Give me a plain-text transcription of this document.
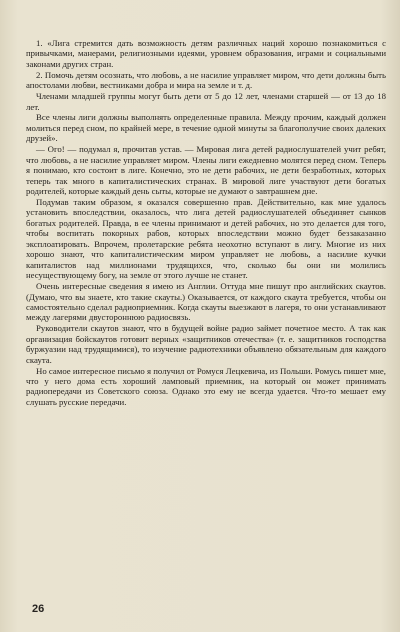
1. «Лига стремится дать возможность детям различных наций хорошо познакомиться с привычками, манерами, религиозными идеями, уровнем образования, играми и социальными законами других стран.

2. Помочь детям осознать, что любовь, а не насилие управляет миром, что дети должны быть апостолами любви, вестниками добра и мира на земле и т. д.

Членами младшей группы могут быть дети от 5 до 12 лет, членами старшей — от 13 до 18 лет.

Все члены лиги должны выполнять определенные правила. Между прочим, каждый должен молиться перед сном, по крайней мере, в течение одной минуты за благополучие своих далеких друзей».

— Ого! — подумал я, прочитав устав. — Мировая лига детей радиослушателей учит ребят, что любовь, а не насилие управляет миром. Члены лиги ежедневно молятся перед сном. Теперь я понимаю, кто состоит в лиге. Конечно, это не дети рабочих, не дети безработных, которых теперь так много в капиталистических странах. В мировой лиге участвуют дети богатых родителей, которые каждый день сыты, которые не думают о завтрашнем дне.

Подумав таким образом, я оказался совершенно прав. Действительно, как мне удалось установить впоследствии, оказалось, что лига детей радиослушателей объединяет сынков богатых родителей. Правда, в ее члены принимают и детей рабочих, но это делается для того, чтобы воспитать покорных рабов, которых впоследствии можно будет беззаказанно эксплоатировать. Впрочем, пролетарские ребята неохотно вступают в лигу. Многие из них хорошо знают, что капиталистическим миром управляет не любовь, а насилие кучки капиталистов над миллионами трудящихся, что, сколько бы они ни молились несуществующему богу, на земле от этого лучше не станет.

Очень интересные сведения я имею из Англии. Оттуда мне пишут про английских скаутов. (Думаю, что вы знаете, кто такие скауты.) Оказывается, от каждого скаута требуется, чтобы он самостоятельно сделал радиоприемник. Когда скауты выезжают в лагеря, то они устанавливают между лагерями двустороннюю радиосвязь.

Руководители скаутов знают, что в будущей войне радио займет почетное место. А так как организация бойскаутов готовит верных «защитников отечества» (т. е. защитников господства буржуазии над трудящимися), то изучение радиотехники объявлено обязательным для каждого скаута.

Но самое интересное письмо я получил от Ромуся Лецкевича, из Польши. Ромусь пишет мне, что у него дома есть хороший ламповый приемник, на который он может принимать радиопередачи из Советского союза. Однако это ему не всегда удается. Что-то мешает ему слушать русские передачи.

26
